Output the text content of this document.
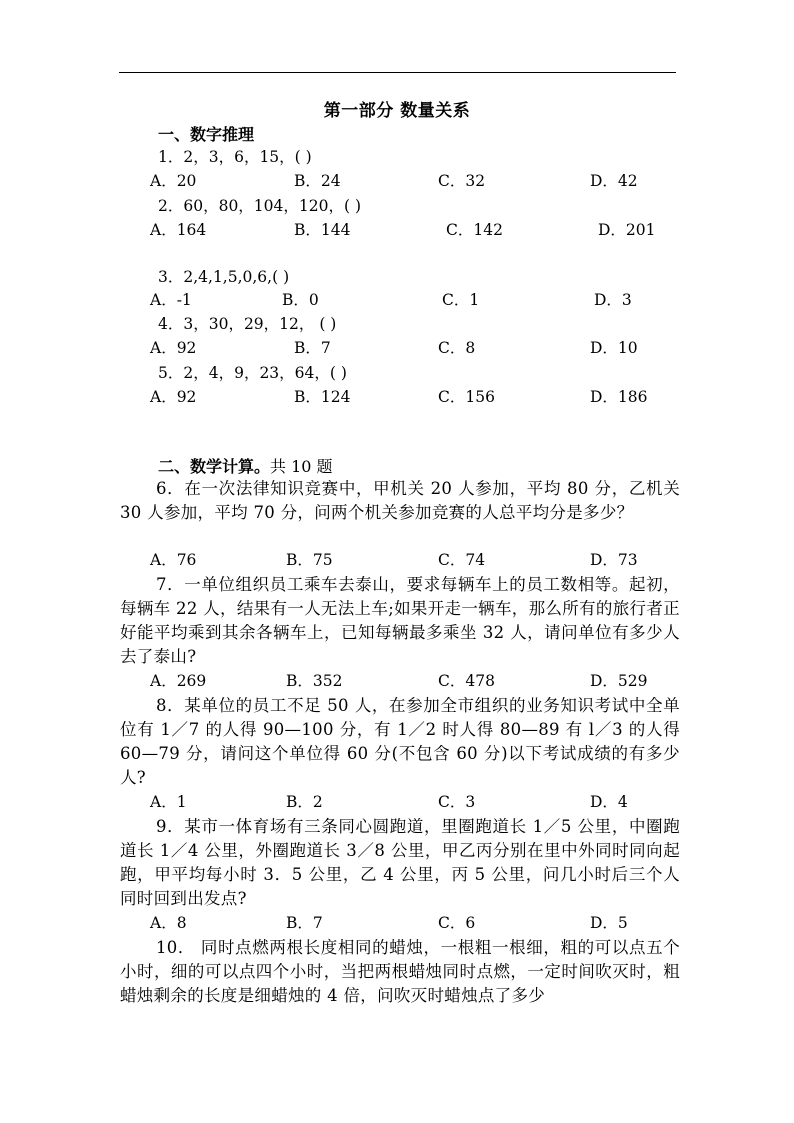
第一部分 数量关系
一、数字推理
1．2，3，6，15，( )
A．20	B．24	C．32	D．42
2．60，80，104，120，( )
A．164	B．144	C．142	D．201
3．2,4,1,5,0,6,( )
A．-1	B．0	C．1	D．3
4．3，30，29，12， ( )
A．92	B．7	C．8	D．10
5．2，4，9，23，64，( )
A．92	B．124	C．156	D．186
二、数学计算。共 10 题
6．在一次法律知识竞赛中，甲机关 20 人参加，平均 80 分，乙机关 30 人参加，平均 70 分，问两个机关参加竞赛的人总平均分是多少？
A．76	B．75	C．74	D．73
7．一单位组织员工乘车去泰山，要求每辆车上的员工数相等。起初，每辆车 22 人，结果有一人无法上车;如果开走一辆车，那么所有的旅行者正好能平均乘到其余各辆车上，已知每辆最多乘坐 32 人，请问单位有多少人去了泰山?
A．269	B．352	C．478	D．529
8．某单位的员工不足 50 人，在参加全市组织的业务知识考试中全单位有 1／7 的人得 90—100 分，有 1／2 时人得 80—89 有 l／3 的人得 60—79 分，请问这个单位得 60 分(不包含 60 分)以下考试成绩的有多少人?
A．1	B．2	C．3	D．4
9．某市一体育场有三条同心圆跑道，里圈跑道长 1／5 公里，中圈跑道长 1／4 公里，外圈跑道长 3／8 公里，甲乙丙分别在里中外同时同向起跑，甲平均每小时 3．5 公里，乙 4 公里，丙 5 公里，问几小时后三个人同时回到出发点?
A．8	B．7	C．6	D．5
10． 同时点燃两根长度相同的蜡烛，一根粗一根细，粗的可以点五个小时，细的可以点四个小时，当把两根蜡烛同时点燃，一定时间吹灭时，粗蜡烛剩余的长度是细蜡烛的 4 倍，问吹灭时蜡烛点了多少
